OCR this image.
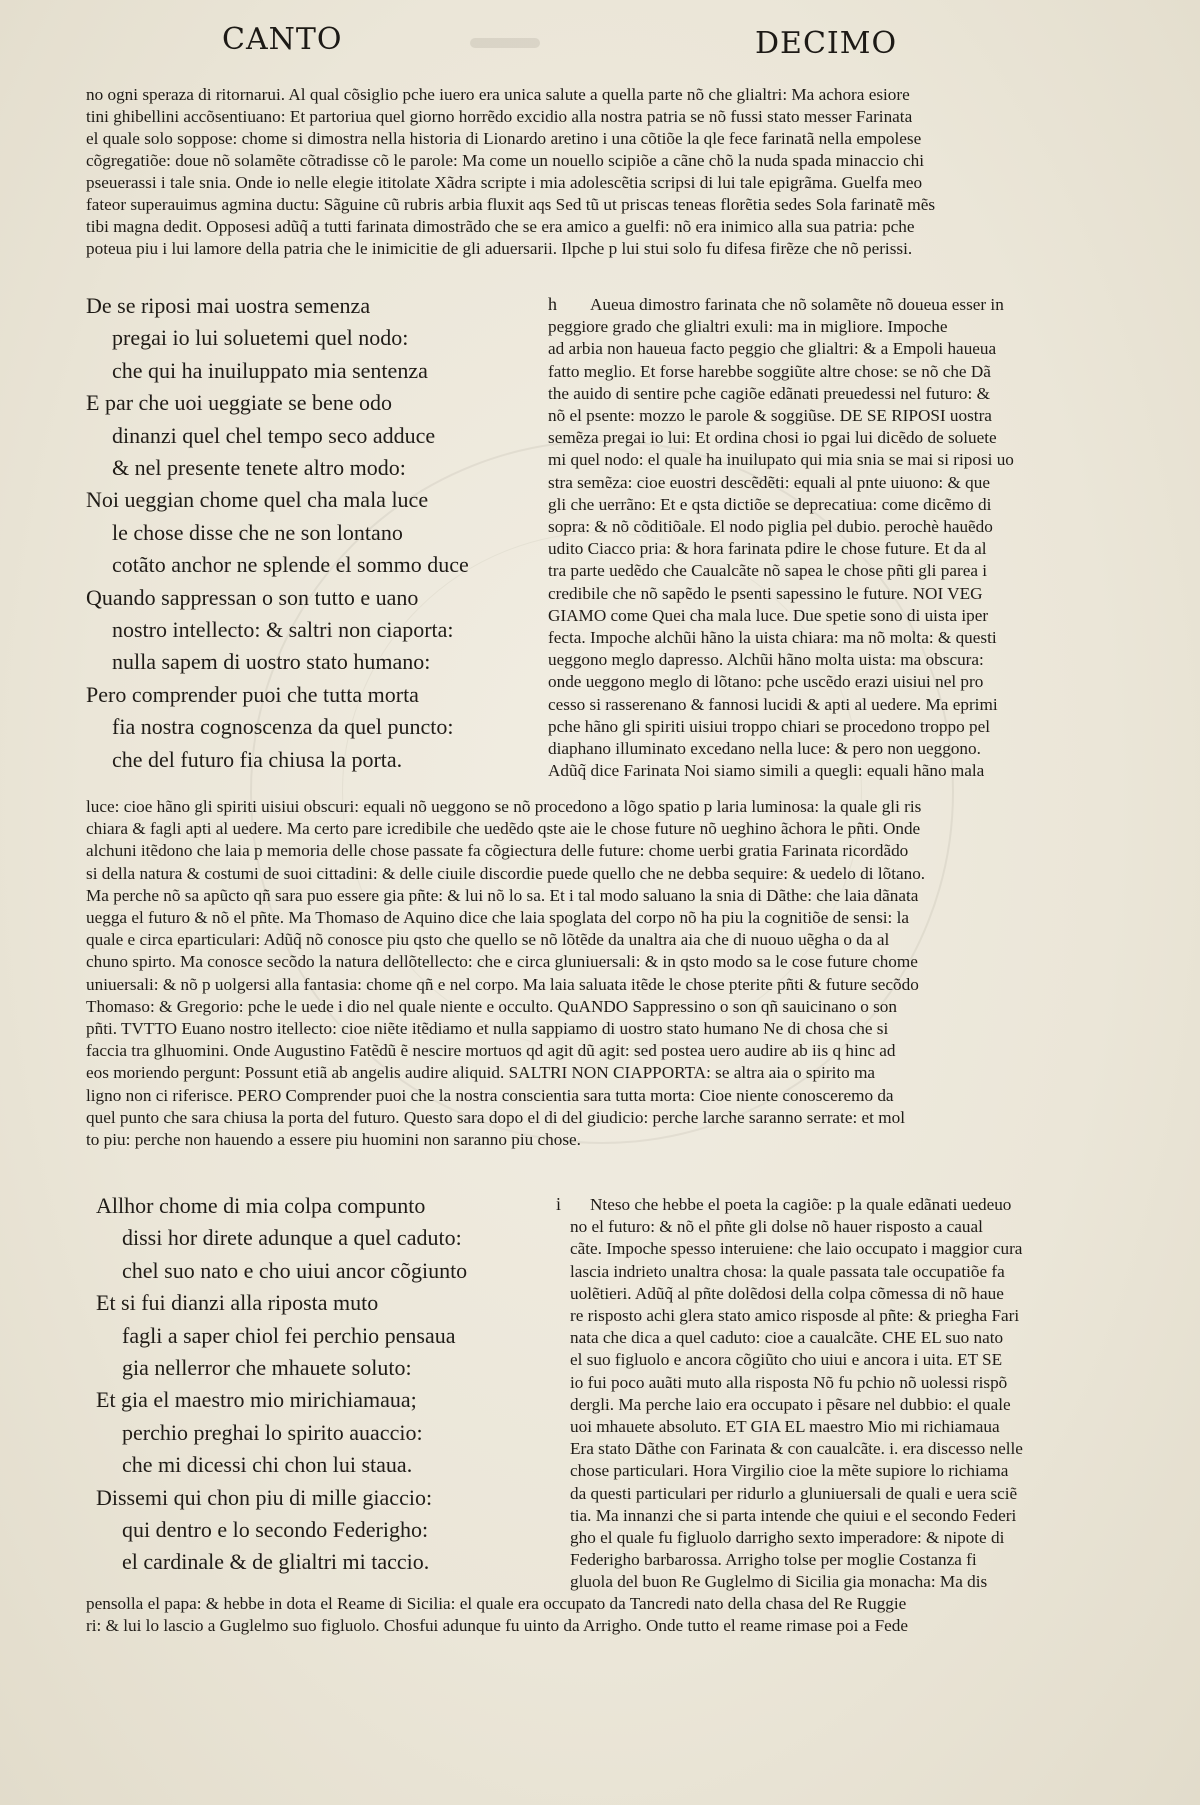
CANTO	DECIMO
no ogni speraza di ritornarui. Al qual cõsiglio pche iuero era unica salute a quella parte nõ che glialtri: Ma achora esiore
tini ghibellini accõsentiuano: Et partoriua quel giorno horrẽdo excidio alla nostra patria se nõ fussi stato messer Farinata
el quale solo soppose: chome si dimostra nella historia di Lionardo aretino i una cõtiõe la qle fece farinatã nella empolese
cõgregatiõe: doue nõ solamẽte cõtradisse cõ le parole: Ma come un nouello scipiõe a cãne chõ la nuda spada minaccio chi
pseuerassi i tale snia. Onde io nelle elegie ititolate Xãdra scripte i mia adolescẽtia scripsi di lui tale epigrãma. Guelfa meo
fateor superauimus agmina ductu: Sãguine cũ rubris arbia fluxit aqs Sed tũ ut priscas teneas florẽtia sedes Sola farinatẽ mẽs
tibi magna dedit. Opposesi adũq̃ a tutti farinata dimostrãdo che se era amico a guelfi: nõ era inimico alla sua patria: pche
poteua piu i lui lamore della patria che le inimicitie de gli aduersarii. Ilpche p lui stui solo fu difesa firẽze che nõ perissi.
De se riposi mai uostra semenza
pregai io lui soluetemi quel nodo:
che qui ha inuiluppato mia sentenza
E par che uoi ueggiate se bene odo
dinanzi quel chel tempo seco adduce
& nel presente tenete altro modo:
Noi ueggian chome quel cha mala luce
le chose disse che ne son lontano
cotãto anchor ne splende el sommo duce
Quando sappressan o son tutto e uano
nostro intellecto: & saltri non ciaporta:
nulla sapem di uostro stato humano:
Pero comprender puoi che tutta morta
fia nostra cognoscenza da quel puncto:
che del futuro fia chiusa la porta.
h	Aueua dimostro farinata che nõ solamẽte nõ doueua esser in
peggiore grado che glialtri exuli: ma in migliore. Impoche
ad arbia non haueua facto peggio che glialtri: & a Empoli haueua
fatto meglio. Et forse harebbe soggiũte altre chose: se nõ che Dã
the auido di sentire pche cagiõe edãnati preuedessi nel futuro: &
nõ el psente: mozzo le parole & soggiũse. DE SE RIPOSI uostra
semẽza pregai io lui: Et ordina chosi io pgai lui dicẽdo de soluete
mi quel nodo: el quale ha inuilupato qui mia snia se mai si riposi uo
stra semẽza: cioe euostri descẽdẽti: equali al pnte uiuono: & que
gli che uerrãno: Et e qsta dictiõe se deprecatiua: come dicẽmo di
sopra: & nõ cõditiõale. El nodo piglia pel dubio. perochè hauẽdo
udito Ciacco pria: & hora farinata pdire le chose future. Et da al
tra parte uedẽdo che Caualcãte nõ sapea le chose pñti gli parea i
credibile che nõ sapẽdo le psenti sapessino le future. NOI VEG
GIAMO come Quei cha mala luce. Due spetie sono di uista iper
fecta. Impoche alchũi hãno la uista chiara: ma nõ molta: & questi
ueggono meglo dapresso. Alchũi hãno molta uista: ma obscura:
onde ueggono meglo di lõtano: pche uscẽdo erazi uisiui nel pro
cesso si rasserenano & fannosi lucidi & apti al uedere. Ma eprimi
pche hãno gli spiriti uisiui troppo chiari se procedono troppo pel
diaphano illuminato excedano nella luce: & pero non ueggono.
Adũq̃ dice Farinata Noi siamo simili a quegli: equali hãno mala
luce: cioe hãno gli spiriti uisiui obscuri: equali nõ ueggono se nõ procedono a lõgo spatio p laria luminosa: la quale gli ris
chiara & fagli apti al uedere. Ma certo pare icredibile che uedẽdo qste aie le chose future nõ ueghino ãchora le pñti. Onde
alchuni itẽdono che laia p memoria delle chose passate fa cõgiectura delle future: chome uerbi gratia Farinata ricordãdo
si della natura & costumi de suoi cittadini: & delle ciuile discordie puede quello che ne debba sequire: & uedelo di lõtano.
Ma perche nõ sa apũcto qñ sara puo essere gia pñte: & lui nõ lo sa. Et i tal modo saluano la snia di Dãthe: che laia dãnata
uegga el futuro & nõ el pñte. Ma Thomaso de Aquino dice che laia spoglata del corpo nõ ha piu la cognitiõe de sensi: la
quale e circa eparticulari: Adũq̃ nõ conosce piu qsto che quello se nõ lõtẽde da unaltra aia che di nuouo uẽgha o da al
chuno spirto. Ma conosce secõdo la natura dellõtellecto: che e circa gluniuersali: & in qsto modo sa le cose future chome
uniuersali: & nõ p uolgersi alla fantasia: chome qñ e nel corpo. Ma laia saluata itẽde le chose pterite pñti & future secõdo
Thomaso: & Gregorio: pche le uede i dio nel quale niente e occulto. QuANDO Sappressino o son qñ sauicinano o son
pñti. TVTTO Euano nostro itellecto: cioe niẽte itẽdiamo et nulla sappiamo di uostro stato humano Ne di chosa che si
faccia tra glhuomini. Onde Augustino Fatẽdũ ẽ nescire mortuos qd agit dũ agit: sed postea uero audire ab iis q hinc ad
eos moriendo pergunt: Possunt etiã ab angelis audire aliquid. SALTRI NON CIAPPORTA: se altra aia o spirito ma
ligno non ci riferisce. PERO Comprender puoi che la nostra conscientia sara tutta morta: Cioe niente conosceremo da
quel punto che sara chiusa la porta del futuro. Questo sara dopo el di del giudicio: perche larche saranno serrate: et mol
to piu: perche non hauendo a essere piu huomini non saranno piu chose.
Allhor chome di mia colpa compunto
dissi hor direte adunque a quel caduto:
chel suo nato e cho uiui ancor cõgiunto
Et si fui dianzi alla riposta muto
fagli a saper chiol fei perchio pensaua
gia nellerror che mhauete soluto:
Et gia el maestro mio mirichiamaua;
perchio preghai lo spirito auaccio:
che mi dicessi chi chon lui staua.
Dissemi qui chon piu di mille giaccio:
qui dentro e lo secondo Federigho:
el cardinale & de glialtri mi taccio.
i	Nteso che hebbe el poeta la cagiõe: p la quale edãnati uedeuo
no el futuro: & nõ el pñte gli dolse nõ hauer risposto a caual
cãte. Impoche spesso interuiene: che laio occupato i maggior cura
lascia indrieto unaltra chosa: la quale passata tale occupatiõe fa
uolẽtieri. Adũq̃ al pñte dolẽdosi della colpa cõmessa di nõ haue
re risposto achi glera stato amico risposde al pñte: & priegha Fari
nata che dica a quel caduto: cioe a caualcãte. CHE EL suo nato
el suo figluolo e ancora cõgiũto cho uiui e ancora i uita. ET SE
io fui poco auãti muto alla risposta Nõ fu pchio nõ uolessi rispõ
dergli. Ma perche laio era occupato i pẽsare nel dubbio: el quale
uoi mhauete absoluto. ET GIA EL maestro Mio mi richiamaua
Era stato Dãthe con Farinata & con caualcãte. i. era discesso nelle
chose particulari. Hora Virgilio cioe la mẽte supiore lo richiama
da questi particulari per ridurlo a gluniuersali de quali e uera sciẽ
tia. Ma innanzi che si parta intende che quiui e el secondo Federi
gho el quale fu figluolo darrigho sexto imperadore: & nipote di
Federigho barbarossa. Arrigho tolse per moglie Costanza fi
gluola del buon Re Guglelmo di Sicilia gia monacha: Ma dis
pensolla el papa: & hebbe in dota el Reame di Sicilia: el quale era occupato da Tancredi nato della chasa del Re Ruggie
ri: & lui lo lascio a Guglelmo suo figluolo. Chosfui adunque fu uinto da Arrigho. Onde tutto el reame rimase poi a Fede
